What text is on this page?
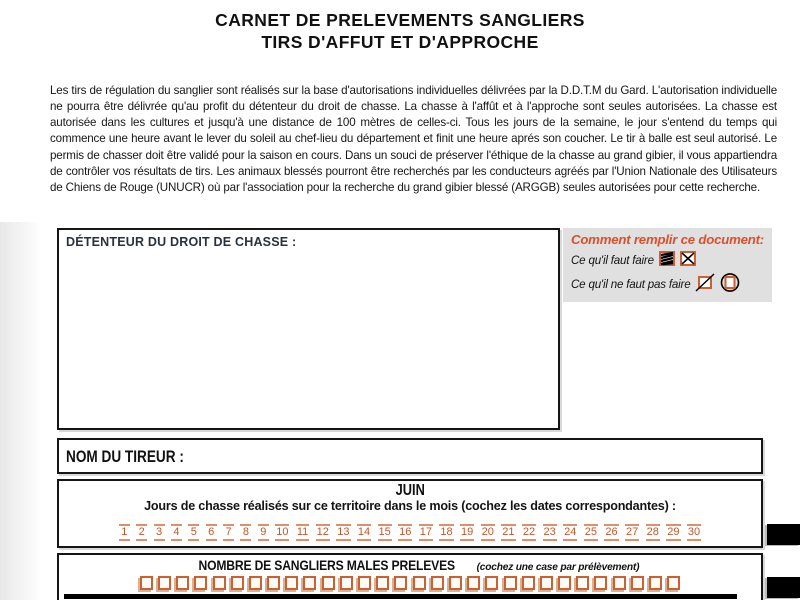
CARNET DE PRELEVEMENTS SANGLIERS
TIRS D'AFFUT ET D'APPROCHE
Les tirs de régulation du sanglier sont réalisés sur la base d'autorisations individuelles délivrées par la D.D.T.M du Gard. L'autorisation individuelle ne pourra être délivrée qu'au profit du détenteur du droit de chasse. La chasse à l'affût et à l'approche sont seules autorisées. La chasse est autorisée dans les cultures et jusqu'à une distance de 100 mètres de celles-ci. Tous les jours de la semaine, le jour s'entend du temps qui commence une heure avant le lever du soleil au chef-lieu du département et finit une heure aprés son coucher. Le tir à balle est seul autorisé. Le permis de chasser doit être validé pour la saison en cours. Dans un souci de préserver l'éthique de la chasse au grand gibier, il vous appartiendra de contrôler vos résultats de tirs. Les animaux blessés pourront être recherchés par les conducteurs agréés par l'Union Nationale des Utilisateurs de Chiens de Rouge (UNUCR) où par l'association pour la recherche du grand gibier blessé (ARGGB) seules autorisées pour cette recherche.
DÉTENTEUR DU DROIT DE CHASSE :	Comment remplir ce document:
Ce qu'il faut faire
Ce qu'il ne faut pas faire
NOM DU TIREUR :
JUIN
Jours de chasse réalisés sur ce territoire dans le mois (cochez les dates correspondantes) :
1 2 3 4 5 6 7 8 9 10 11 12 13 14 15 16 17 18 19 20 21 22 23 24 25 26 27 28 29 30
NOMBRE DE SANGLIERS MALES PRELEVES (cochez une case par prélèvement)
